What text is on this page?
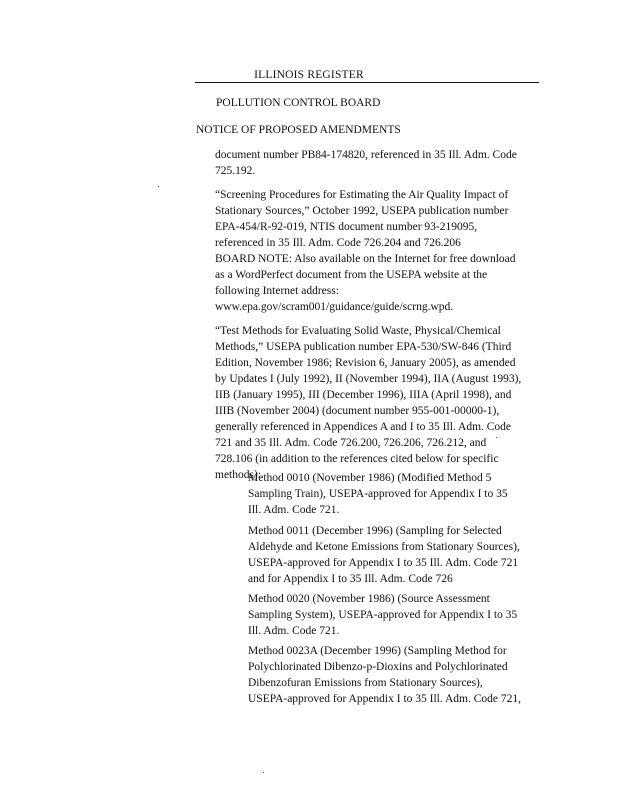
ILLINOIS REGISTER
POLLUTION CONTROL BOARD
NOTICE OF PROPOSED AMENDMENTS
document number PB84-174820, referenced in 35 Ill. Adm. Code
725.192.
“Screening Procedures for Estimating the Air Quality Impact of
Stationary Sources,” October 1992, USEPA publication number
EPA-454/R-92-019, NTIS document number 93-219095,
referenced in 35 Ill. Adm. Code 726.204 and 726.206
BOARD NOTE: Also available on the Internet for free download
as a WordPerfect document from the USEPA website at the
following Internet address:
www.epa.gov/scram001/guidance/guide/scrng.wpd.
“Test Methods for Evaluating Solid Waste, Physical/Chemical
Methods,” USEPA publication number EPA-530/SW-846 (Third
Edition, November 1986; Revision 6, January 2005), as amended
by Updates I (July 1992), II (November 1994), IIA (August 1993),
IIB (January 1995), III (December 1996), IIIA (April 1998), and
IIIB (November 2004) (document number 955-001-00000-1),
generally referenced in Appendices A and I to 35 Ill. Adm. Code
721 and 35 Ill. Adm. Code 726.200, 726.206, 726.212, and
728.106 (in addition to the references cited below for specific
methods):
Method 0010 (November 1986) (Modified Method 5
Sampling Train), USEPA-approved for Appendix I to 35
Ill. Adm. Code 721.
Method 0011 (December 1996) (Sampling for Selected
Aldehyde and Ketone Emissions from Stationary Sources),
USEPA-approved for Appendix I to 35 Ill. Adm. Code 721
and for Appendix I to 35 Ill. Adm. Code 726
Method 0020 (November 1986) (Source Assessment
Sampling System), USEPA-approved for Appendix I to 35
Ill. Adm. Code 721.
Method 0023A (December 1996) (Sampling Method for
Polychlorinated Dibenzo-p-Dioxins and Polychlorinated
Dibenzofuran Emissions from Stationary Sources),
USEPA-approved for Appendix I to 35 Ill. Adm. Code 721,
